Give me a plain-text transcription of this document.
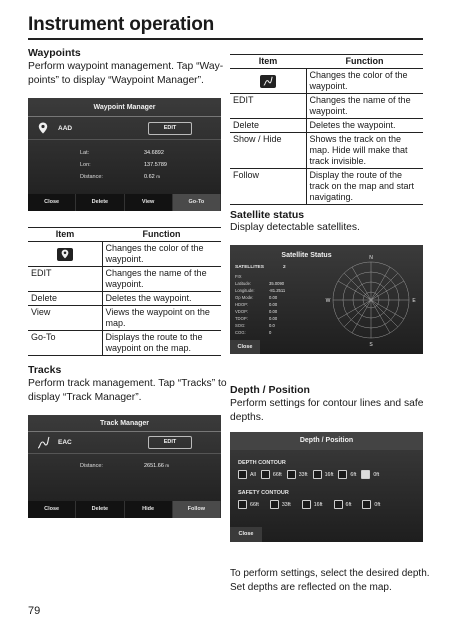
Instrument operation
Waypoints
Perform waypoint management. Tap “Way-
points” to display “Waypoint Manager”.
Waypoint Manager
AAD	EDIT
Lat:	34.6892
Lon:	137.5789
Distance:	0.62 m
Close	Delete	View	Go-To
Item	Function

	Changes the color of the waypoint.
EDIT	Changes the name of the waypoint.
Delete	Deletes the waypoint.
View	Views the waypoint on the map.
Go-To	Displays the route to the waypoint on the map.
Tracks
Perform track management. Tap “Tracks” to
display “Track Manager”.
Track Manager
EAC	EDIT
Distance:	2651.66 m
Close	Delete	Hide	Follow
Item	Function

	Changes the color of the waypoint.
EDIT	Changes the name of the waypoint.
Delete	Deletes the waypoint.
Show / Hide	Shows the track on the map. Hide will make that track invisible.
Follow	Display the route of the track on the map and start navigating.
Satellite status
Display detectable satellites.
Satellite Status
SATELLITES	2
FIX
Latitude:	35.0090
Longitude:	-81.2511
Op Mode:	0.00
HDOP:	0.00
VDOP:	0.00
TDOP:	0.00
SOG:	0.0
COG:	0
N
E
S
W
Close
Depth / Position
Perform settings for contour lines and safe
depths.
Depth / Position
DEPTH CONTOUR
All	66ft	33ft	16ft	6ft	0ft
SAFETY CONTOUR
66ft	33ft	16ft	6ft	0ft
Close
To perform settings, select the desired depth.
Set depths are reflected on the map.
79
